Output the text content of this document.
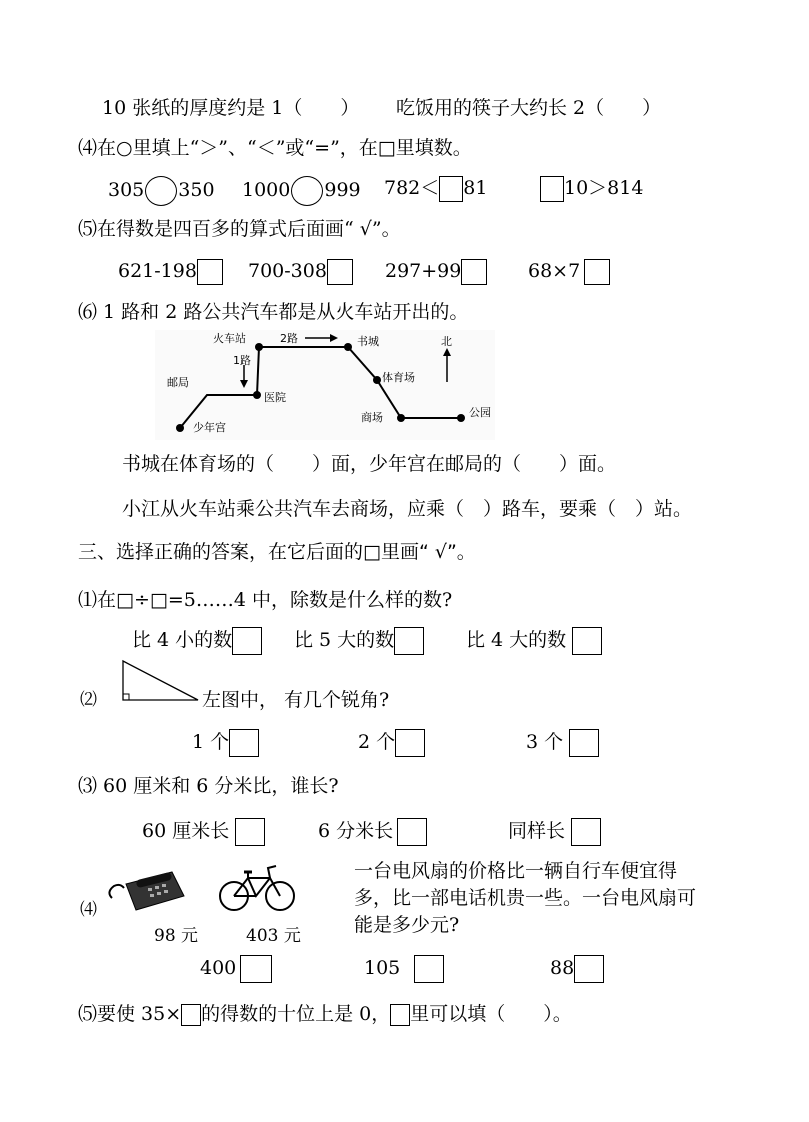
10 张纸的厚度约是 1（　　） 吃饭用的筷子大约长 2（　　）
⑷在○里填上“＞”、“＜”或“=”，在□里填数。
305 350 1000 999 782＜ 81	10＞814
⑸在得数是四百多的算式后面画“ √”。
621-198	700-308	297+99	68×7
⑹ 1 路和 2 路公共汽车都是从火车站开出的。
火车站	2路
1路
书城	北
邮局
医院
体育场
少年宫
商场	公园
书城在体育场的（　　）面，少年宫在邮局的（　　）面。
小江从火车站乘公共汽车去商场，应乘（　）路车，要乘（　）站。
三、选择正确的答案，在它后面的□里画“ √”。
⑴在□÷□=5……4 中，除数是什么样的数?
比 4 小的数	比 5 大的数	比 4 大的数
⑵	左图中， 有几个锐角?
1 个	2 个	3 个
⑶ 60 厘米和 6 分米比，谁长?
60 厘米长	6 分米长	同样长
⑷
98 元	403 元
一台电风扇的价格比一辆自行车便宜得
多，比一部电话机贵一些。一台电风扇可
能是多少元?
400	105	88
⑸要使 35× 的得数的十位上是 0， 里可以填（　　）。
